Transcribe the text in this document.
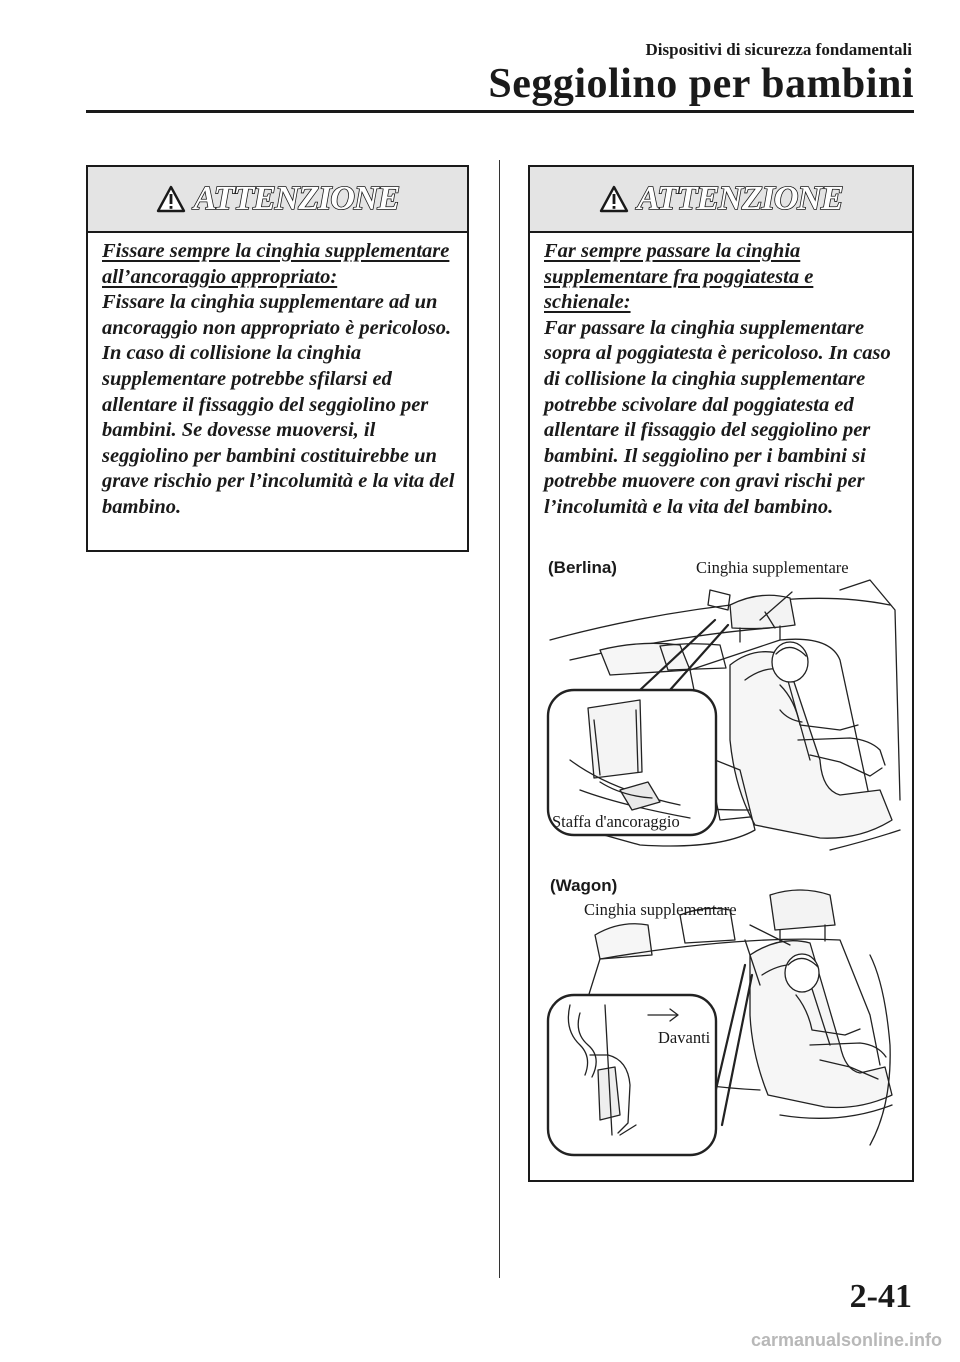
Dispositivi di sicurezza fondamentali
Seggiolino per bambini
ATTENZIONE
Fissare sempre la cinghia supplementare all’ancoraggio appropriato:
Fissare la cinghia supplementare ad un ancoraggio non appropriato è pericoloso. In caso di collisione la cinghia supplementare potrebbe sfilarsi ed allentare il fissaggio del seggiolino per bambini. Se dovesse muoversi, il seggiolino per bambini costituirebbe un grave rischio per l’incolumità e la vita del bambino.
ATTENZIONE
Far sempre passare la cinghia supplementare fra poggiatesta e schienale:
Far passare la cinghia supplementare sopra al poggiatesta è pericoloso. In caso di collisione la cinghia supplementare potrebbe scivolare dal poggiatesta ed allentare il fissaggio del seggiolino per bambini. Il seggiolino per i bambini si potrebbe muovere con gravi rischi per l’incolumità e la vita del bambino.
(Berlina)	Cinghia supplementare
Staffa d'ancoraggio
(Wagon)
Cinghia supplementare
Davanti
2-41
carmanualsonline.info
